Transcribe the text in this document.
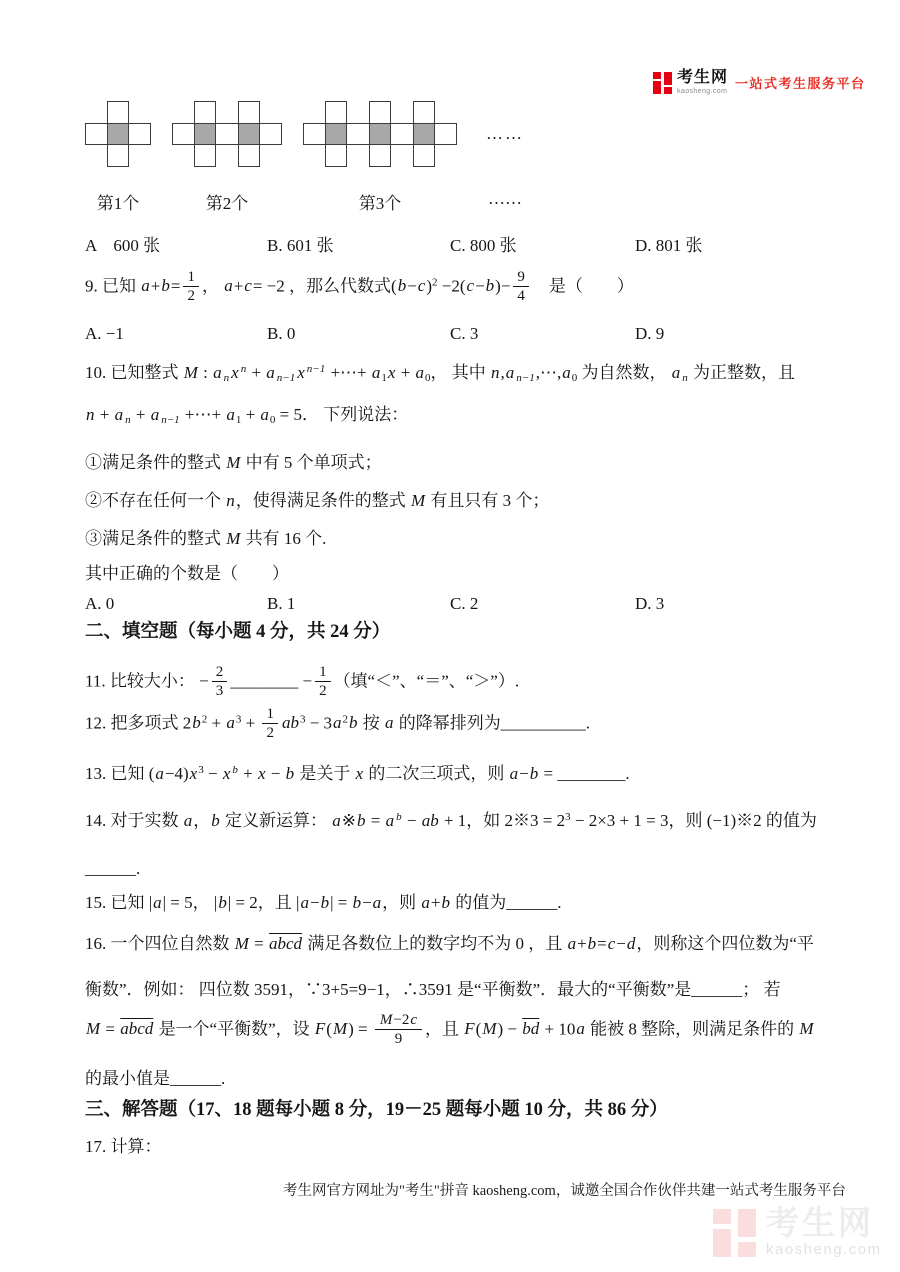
考生网
kaosheng.com
一站式考生服务平台
第1个	第2个	第3个
……
……
A　600 张	B. 601 张	C. 800 张	D. 801 张
9. 已知 $a+b= \frac{1}{2}$ ， a+c= −2 ，那么代数式$(b-c)^2 -2(c-b)- \frac{9}{4}$ 　是（　　）
A. −1	B. 0	C. 3	D. 9
10. 已知整式 M : a $_n$ x $^n$ + a $_{n-1}$ x $^{n-1}$ +⋯+ $a_1x + a_0$， 其中 n,a $_{n-1},\cdots,a_0$ 为自然数， a $_n$ 为正整数，且
n + a $_n$ + a $_{n-1}$ +⋯+ $a_1 + a_0 = 5$． 下列说法：
①满足条件的整式 M 中有 5 个单项式；
②不存在任何一个 n，使得满足条件的整式 M 有且只有 3 个；
③满足条件的整式 M 共有 16 个.
其中正确的个数是（　　）
A. 0	B. 1	C. 2	D. 3
二、填空题（每小题 4 分，共 24 分）
11. 比较大小： − $\frac{2}{3}$ ________ − $\frac{1}{2}$ （填“＜”、“＝”、“＞”）.
12. 把多项式 $2b^2 + a^3 + \frac{1}{2} ab^3 - 3a^2b$ 按 a 的降幂排列为__________.
13. 已知 $(a-4)x^3 - x$ $^b$ + x − b 是关于 x 的二次三项式，则 a−b = ________.
14. 对于实数 a，b 定义新运算： a※b = a $^b$ − ab + 1，如 2※3 = $2^3 - 2\times 3 + 1 = 3$，则 (−1)※2 的值为
______.
15. 已知 |a| = 5， |b| = 2，且 |a−b| = b−a，则 a+b 的值为______.
16. 一个四位自然数 M = abcd 满足各数位上的数字均不为 0 ，且 a+b=c−d，则称这个四位数为“平
衡数”．例如： 四位数 3591，∵3+5=9−1，∴3591 是“平衡数”．最大的“平衡数”是______； 若
M = abcd 是一个“平衡数”，设 $F(M) = \frac{M-2c}{9}$ ，且 $F(M) - \overline{bd} + 10a$ 能被 8 整除，则满足条件的 M
的最小值是______.
三、解答题（17、18 题每小题 8 分，19－25 题每小题 10 分，共 86 分）
17. 计算：
考生网官方网址为"考生"拼音 kaosheng.com，诚邀全国合作伙伴共建一站式考生服务平台
考生网
kaosheng.com
